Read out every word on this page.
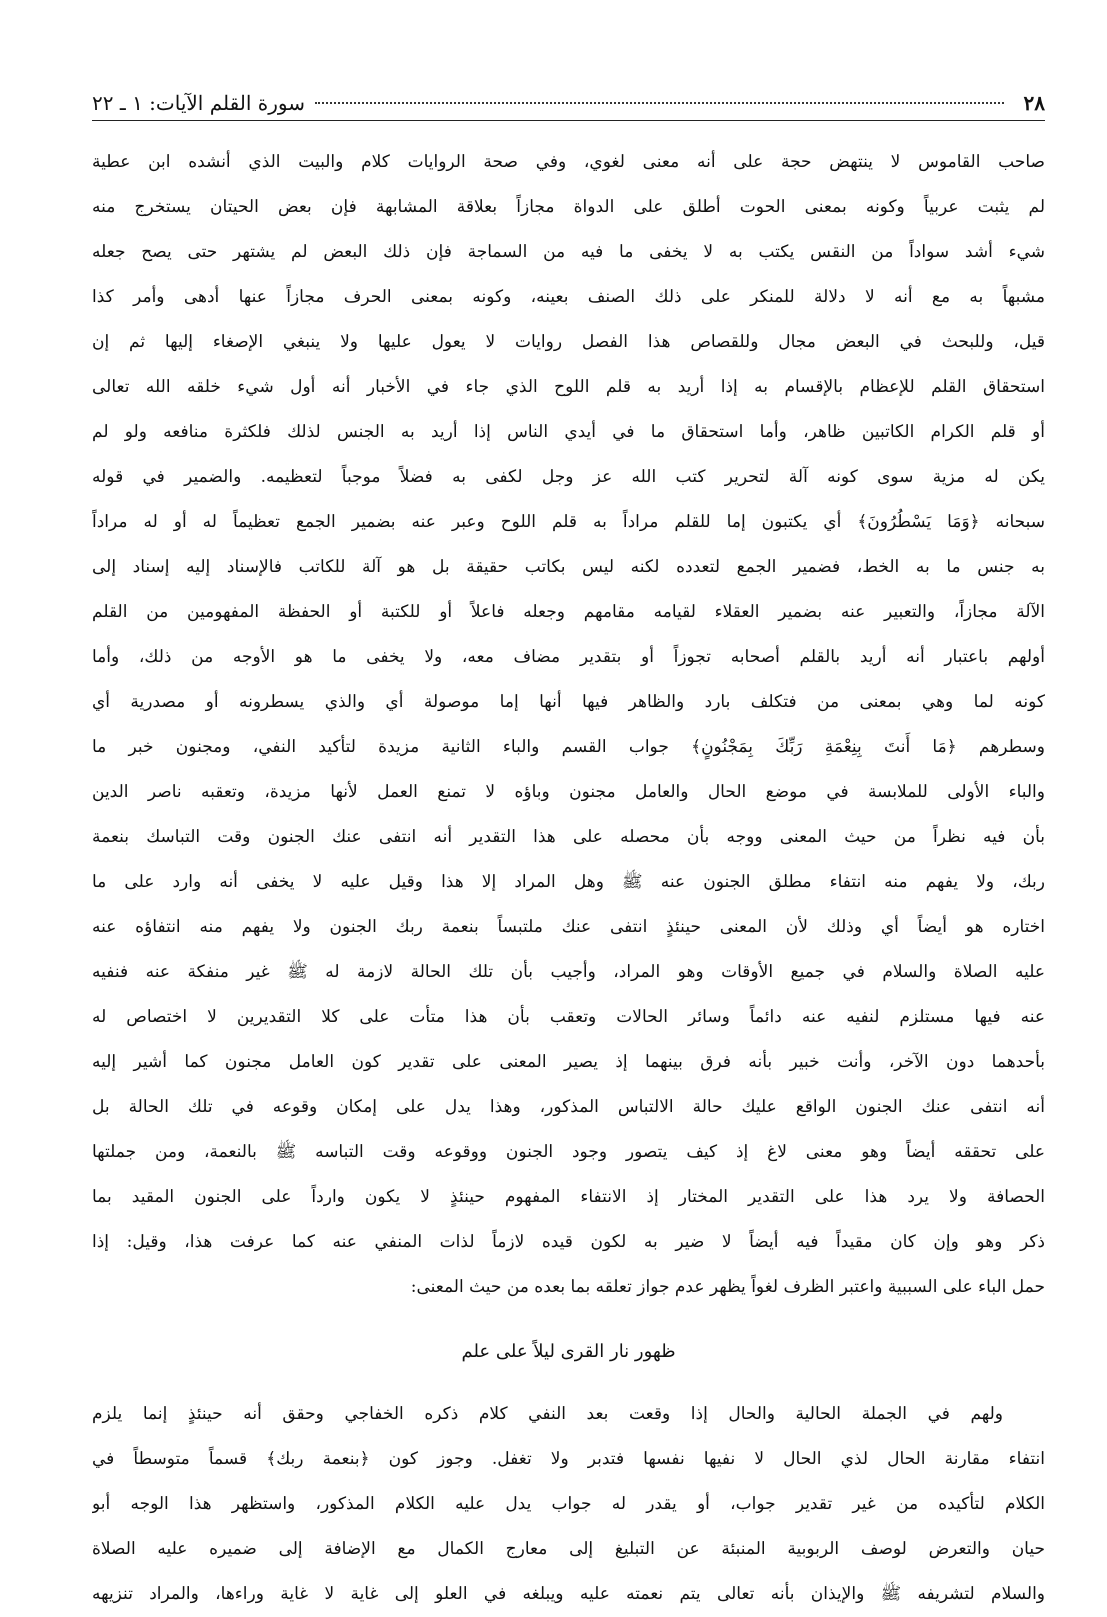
٢٨
سورة القلم الآيات: ١ ـ ٢٢
صاحب القاموس لا ينتهض حجة على أنه معنى لغوي، وفي صحة الروايات كلام والبيت الذي أنشده ابن عطية
لم يثبت عربياً وكونه بمعنى الحوت أطلق على الدواة مجازاً بعلاقة المشابهة فإن بعض الحيتان يستخرج منه
شيء أشد سواداً من النقس يكتب به لا يخفى ما فيه من السماجة فإن ذلك البعض لم يشتهر حتى يصح جعله
مشبهاً به مع أنه لا دلالة للمنكر على ذلك الصنف بعينه، وكونه بمعنى الحرف مجازاً عنها أدهى وأمر كذا
قيل، وللبحث في البعض مجال وللقصاص هذا الفصل روايات لا يعول عليها ولا ينبغي الإصغاء إليها ثم إن
استحقاق القلم للإعظام بالإقسام به إذا أريد به قلم اللوح الذي جاء في الأخبار أنه أول شيء خلقه الله تعالى
أو قلم الكرام الكاتبين ظاهر، وأما استحقاق ما في أيدي الناس إذا أريد به الجنس لذلك فلكثرة منافعه ولو لم
يكن له مزية سوى كونه آلة لتحرير كتب الله عز وجل لكفى به فضلاً موجباً لتعظيمه. والضمير في قوله
سبحانه ﴿وَمَا يَسْطُرُونَ﴾ أي يكتبون إما للقلم مراداً به قلم اللوح وعبر عنه بضمير الجمع تعظيماً له أو له مراداً
به جنس ما به الخط، فضمير الجمع لتعدده لكنه ليس بكاتب حقيقة بل هو آلة للكاتب فالإسناد إليه إسناد إلى
الآلة مجازاً، والتعبير عنه بضمير العقلاء لقيامه مقامهم وجعله فاعلاً أو للكتبة أو الحفظة المفهومين من القلم
أولهم باعتبار أنه أريد بالقلم أصحابه تجوزاً أو بتقدير مضاف معه، ولا يخفى ما هو الأوجه من ذلك، وأما
كونه لما وهي بمعنى من فتكلف بارد والظاهر فيها أنها إما موصولة أي والذي يسطرونه أو مصدرية أي
وسطرهم ﴿مَا أَنتَ بِنِعْمَةِ رَبِّكَ بِمَجْنُونٍ﴾ جواب القسم والباء الثانية مزيدة لتأكيد النفي، ومجنون خبر ما
والباء الأولى للملابسة في موضع الحال والعامل مجنون وباؤه لا تمنع العمل لأنها مزيدة، وتعقبه ناصر الدين
بأن فيه نظراً من حيث المعنى ووجه بأن محصله على هذا التقدير أنه انتفى عنك الجنون وقت التباسك بنعمة
ربك، ولا يفهم منه انتفاء مطلق الجنون عنه ﷺ وهل المراد إلا هذا وقيل عليه لا يخفى أنه وارد على ما
اختاره هو أيضاً أي وذلك لأن المعنى حينئذٍ انتفى عنك ملتبساً بنعمة ربك الجنون ولا يفهم منه انتفاؤه عنه
عليه الصلاة والسلام في جميع الأوقات وهو المراد، وأجيب بأن تلك الحالة لازمة له ﷺ غير منفكة عنه فنفيه
عنه فيها مستلزم لنفيه عنه دائماً وسائر الحالات وتعقب بأن هذا متأت على كلا التقديرين لا اختصاص له
بأحدهما دون الآخر، وأنت خبير بأنه فرق بينهما إذ يصير المعنى على تقدير كون العامل مجنون كما أشير إليه
أنه انتفى عنك الجنون الواقع عليك حالة الالتباس المذكور، وهذا يدل على إمكان وقوعه في تلك الحالة بل
على تحققه أيضاً وهو معنى لاغ إذ كيف يتصور وجود الجنون ووقوعه وقت التباسه ﷺ بالنعمة، ومن جملتها
الحصافة ولا يرد هذا على التقدير المختار إذ الانتفاء المفهوم حينئذٍ لا يكون وارداً على الجنون المقيد بما
ذكر وهو وإن كان مقيداً فيه أيضاً لا ضير به لكون قيده لازماً لذات المنفي عنه كما عرفت هذا، وقيل: إذا
حمل الباء على السببية واعتبر الظرف لغواً يظهر عدم جواز تعلقه بما بعده من حيث المعنى:
ظهور نار القرى ليلاً على علم
ولهم في الجملة الحالية والحال إذا وقعت بعد النفي كلام ذكره الخفاجي وحقق أنه حينئذٍ إنما يلزم
انتفاء مقارنة الحال لذي الحال لا نفيها نفسها فتدبر ولا تغفل. وجوز كون ﴿بنعمة ربك﴾ قسماً متوسطاً في
الكلام لتأكيده من غير تقدير جواب، أو يقدر له جواب يدل عليه الكلام المذكور، واستظهر هذا الوجه أبو
حيان والتعرض لوصف الربوبية المنبئة عن التبليغ إلى معارج الكمال مع الإضافة إلى ضميره عليه الصلاة
والسلام لتشريفه ﷺ والإيذان بأنه تعالى يتم نعمته عليه ويبلغه في العلو إلى غاية لا غاية وراءها، والمراد تنزيهه
